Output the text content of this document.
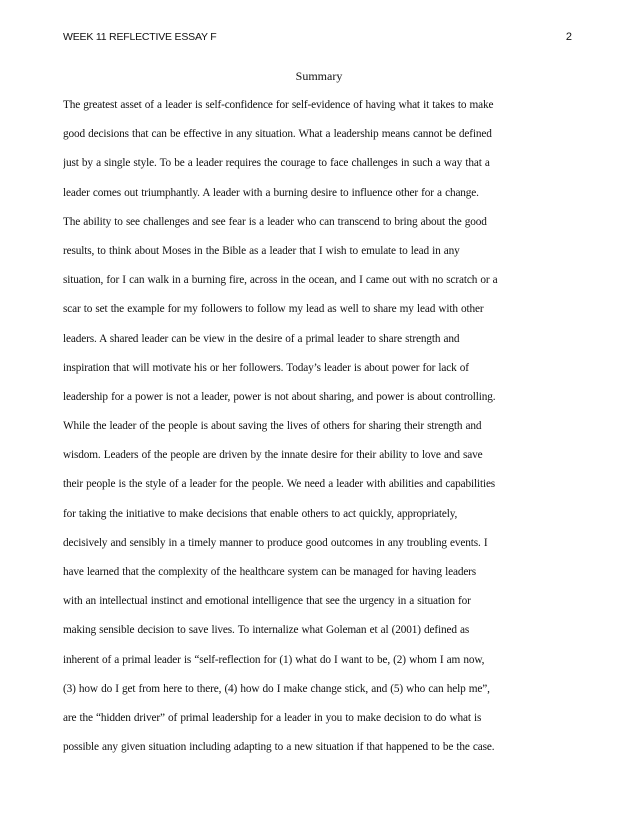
WEEK 11 REFLECTIVE ESSAY F	2
Summary
The greatest asset of a leader is self-confidence for self-evidence of having what it takes to make
good decisions that can be effective in any situation. What a leadership means cannot be defined
just by a single style. To be a leader requires the courage to face challenges in such a way that a
leader comes out triumphantly. A leader with a burning desire to influence other for a change.
The ability to see challenges and see fear is a leader who can transcend to bring about the good
results, to think about Moses in the Bible as a leader that I wish to emulate to lead in any
situation, for I can walk in a burning fire, across in the ocean, and I came out with no scratch or a
scar to set the example for my followers to follow my lead as well to share my lead with other
leaders. A shared leader can be view in the desire of a primal leader to share strength and
inspiration that will motivate his or her followers. Today’s leader is about power for lack of
leadership for a power is not a leader, power is not about sharing, and power is about controlling.
While the leader of the people is about saving the lives of others for sharing their strength and
wisdom. Leaders of the people are driven by the innate desire for their ability to love and save
their people is the style of a leader for the people. We need a leader with abilities and capabilities
for taking the initiative to make decisions that enable others to act quickly, appropriately,
decisively and sensibly in a timely manner to produce good outcomes in any troubling events. I
have learned that the complexity of the healthcare system can be managed for having leaders
with an intellectual instinct and emotional intelligence that see the urgency in a situation for
making sensible decision to save lives. To internalize what Goleman et al (2001) defined as
inherent of a primal leader is “self-reflection for (1) what do I want to be, (2) whom I am now,
(3) how do I get from here to there, (4) how do I make change stick, and (5) who can help me”,
are the “hidden driver” of primal leadership for a leader in you to make decision to do what is
possible any given situation including adapting to a new situation if that happened to be the case.
